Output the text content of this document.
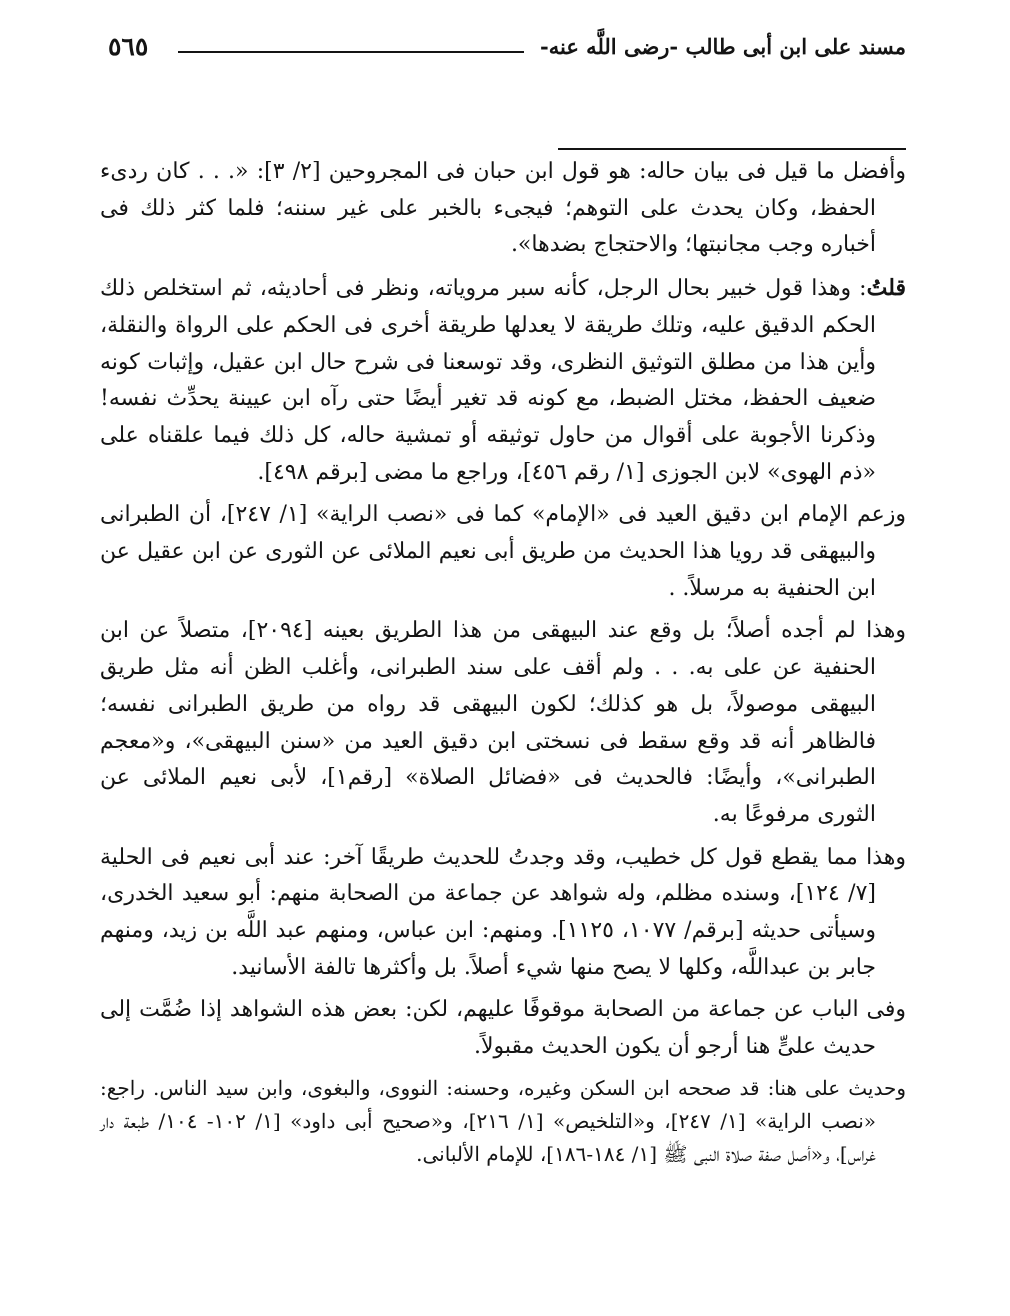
مسند على ابن أبى طالب -رضى اللَّه عنه-
٥٦٥

وأفضل ما قيل فى بيان حاله: هو قول ابن حبان فى المجروحين [٢/ ٣]: «. . . كان ردىء الحفظ، وكان يحدث على التوهم؛ فيجىء بالخبر على غير سننه؛ فلما كثر ذلك فى أخباره وجب مجانبتها؛ والاحتجاج بضدها».

قلتُ: وهذا قول خبير بحال الرجل، كأنه سبر مروياته، ونظر فى أحاديثه، ثم استخلص ذلك الحكم الدقيق عليه، وتلك طريقة لا يعدلها طريقة أخرى فى الحكم على الرواة والنقلة، وأين هذا من مطلق التوثيق النظرى، وقد توسعنا فى شرح حال ابن عقيل، وإثبات كونه ضعيف الحفظ، مختل الضبط، مع كونه قد تغير أيضًا حتى رآه ابن عيينة يحدِّث نفسه! وذكرنا الأجوبة على أقوال من حاول توثيقه أو تمشية حاله، كل ذلك فيما علقناه على «ذم الهوى» لابن الجوزى [١/ رقم ٤٥٦]، وراجع ما مضى [برقم ٤٩٨].

وزعم الإمام ابن دقيق العيد فى «الإمام» كما فى «نصب الراية» [١/ ٢٤٧]، أن الطبرانى والبيهقى قد رويا هذا الحديث من طريق أبى نعيم الملائى عن الثورى عن ابن عقيل عن ابن الحنفية به مرسلاً. .

وهذا لم أجده أصلاً؛ بل وقع عند البيهقى من هذا الطريق بعينه [٢٠٩٤]، متصلاً عن ابن الحنفية عن على به. . . ولم أقف على سند الطبرانى، وأغلب الظن أنه مثل طريق البيهقى موصولاً، بل هو كذلك؛ لكون البيهقى قد رواه من طريق الطبرانى نفسه؛ فالظاهر أنه قد وقع سقط فى نسختى ابن دقيق العيد من «سنن البيهقى»، و«معجم الطبرانى»، وأيضًا: فالحديث فى «فضائل الصلاة» [رقم١]، لأبى نعيم الملائى عن الثورى مرفوعًا به.

وهذا مما يقطع قول كل خطيب، وقد وجدتُ للحديث طريقًا آخر: عند أبى نعيم فى الحلية [٧/ ١٢٤]، وسنده مظلم، وله شواهد عن جماعة من الصحابة منهم: أبو سعيد الخدرى، وسيأتى حديثه [برقم/ ١٠٧٧، ١١٢٥]. ومنهم: ابن عباس، ومنهم عبد اللَّه بن زيد، ومنهم جابر بن عبداللَّه، وكلها لا يصح منها شيء أصلاً. بل وأكثرها تالفة الأسانيد.

وفى الباب عن جماعة من الصحابة موقوفًا عليهم، لكن: بعض هذه الشواهد إذا ضُمَّت إلى حديث علىٍّ هنا أرجو أن يكون الحديث مقبولاً.

وحديث على هنا: قد صححه ابن السكن وغيره، وحسنه: النووى، والبغوى، وابن سيد الناس. راجع: «نصب الراية» [١/ ٢٤٧]، و«التلخيص» [١/ ٢١٦]، و«صحيح أبى داود» [١/ ١٠٢- ١٠٤/ طبعة دار غراس]، و«أصل صفة صلاة النبى ﷺ [١/ ١٨٤-١٨٦]، للإمام الألبانى.
